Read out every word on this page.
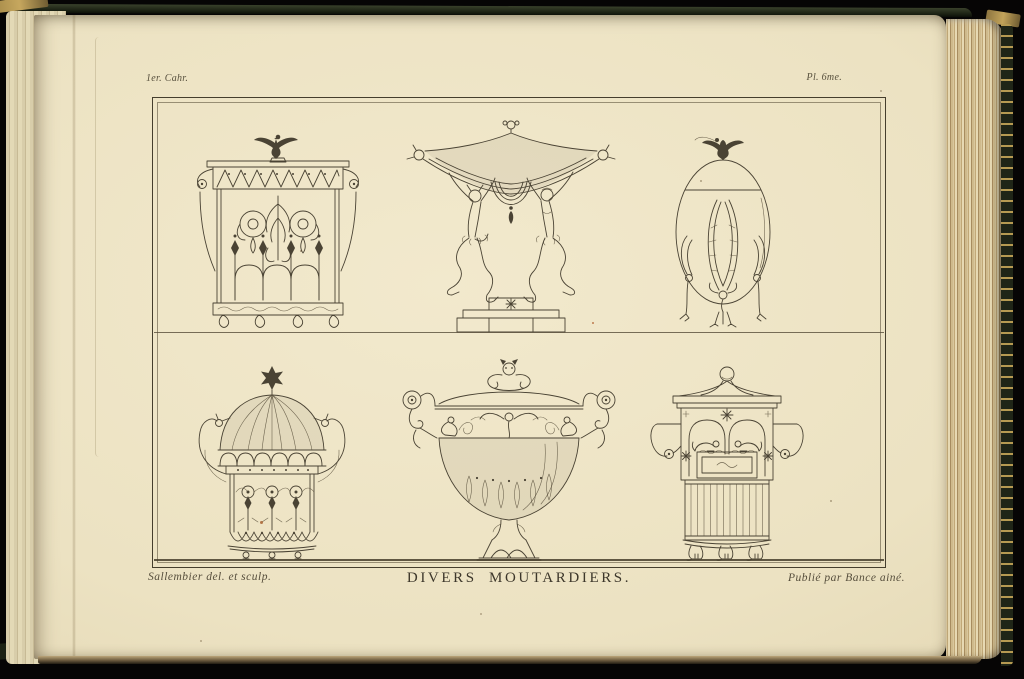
1er. Cahr.	Pl. 6me.
Sallembier del. et sculp.	DIVERS MOUTARDIERS.	Publié par Bance ainé.
